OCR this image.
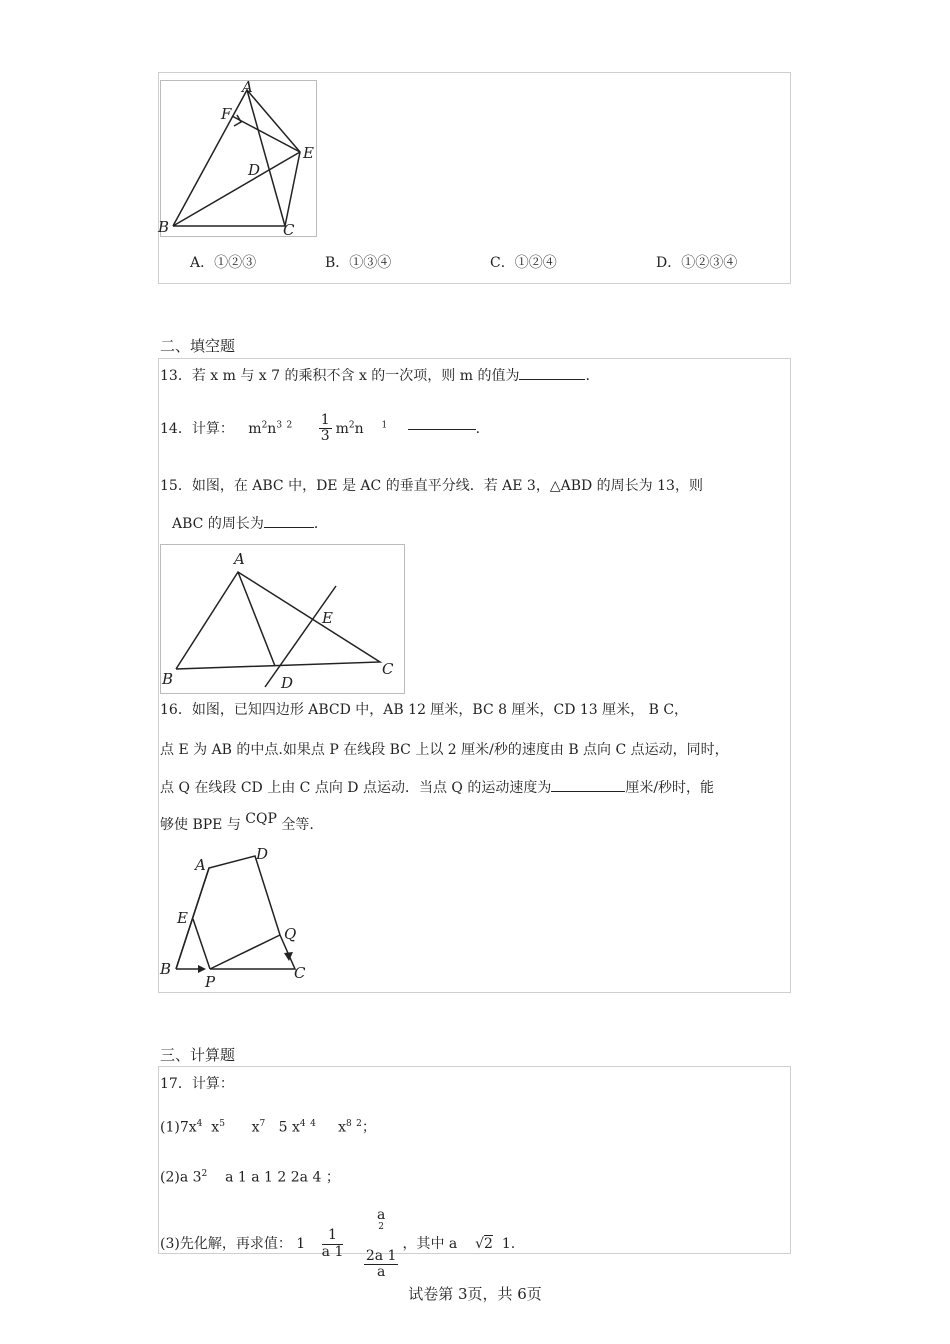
A
F
D
E
B	C
A．①②③	B．①③④	C．①②④	D．①②③④
二、填空题
13．若 x m 与 x 7 的乘积不含 x 的一次项，则 m 的值为	.
14．计算： $m^2n^3$ $^2 \frac{1}{3} m^2n$ $^1$	.
15．如图，在 ABC 中，DE 是 AC 的垂直平分线．若 AE 3，△ABD 的周长为 13，则
ABC 的周长为	．
A
E
B	D
C
16．如图，已知四边形 ABCD 中，AB 12 厘米，BC 8 厘米，CD 13 厘米， B C，
点 E 为 AB 的中点.如果点 P 在线段 BC 上以 2 厘米/秒的速度由 B 点向 C 点运动，同时，
点 Q 在线段 CD 上由 C 点向 D 点运动．当点 Q 的运动速度为	厘米/秒时，能
够使 BPE 与 CQP 全等.
A
D
E
Q
B
P	C
三、计算题
17．计算：
$(1)7x^4$ $x^5$ $x^7$ 5 $x^4$ $^4$ $x^8$ $^2$；
(2)a $3^2$ a 1 a 1 2 2a 4 ；
(3)先化解，再求值： $1 \frac{1}{a 1}$
a
2

2a 1
a ，其中 a √2 1.
试卷第 3页，共 6页
